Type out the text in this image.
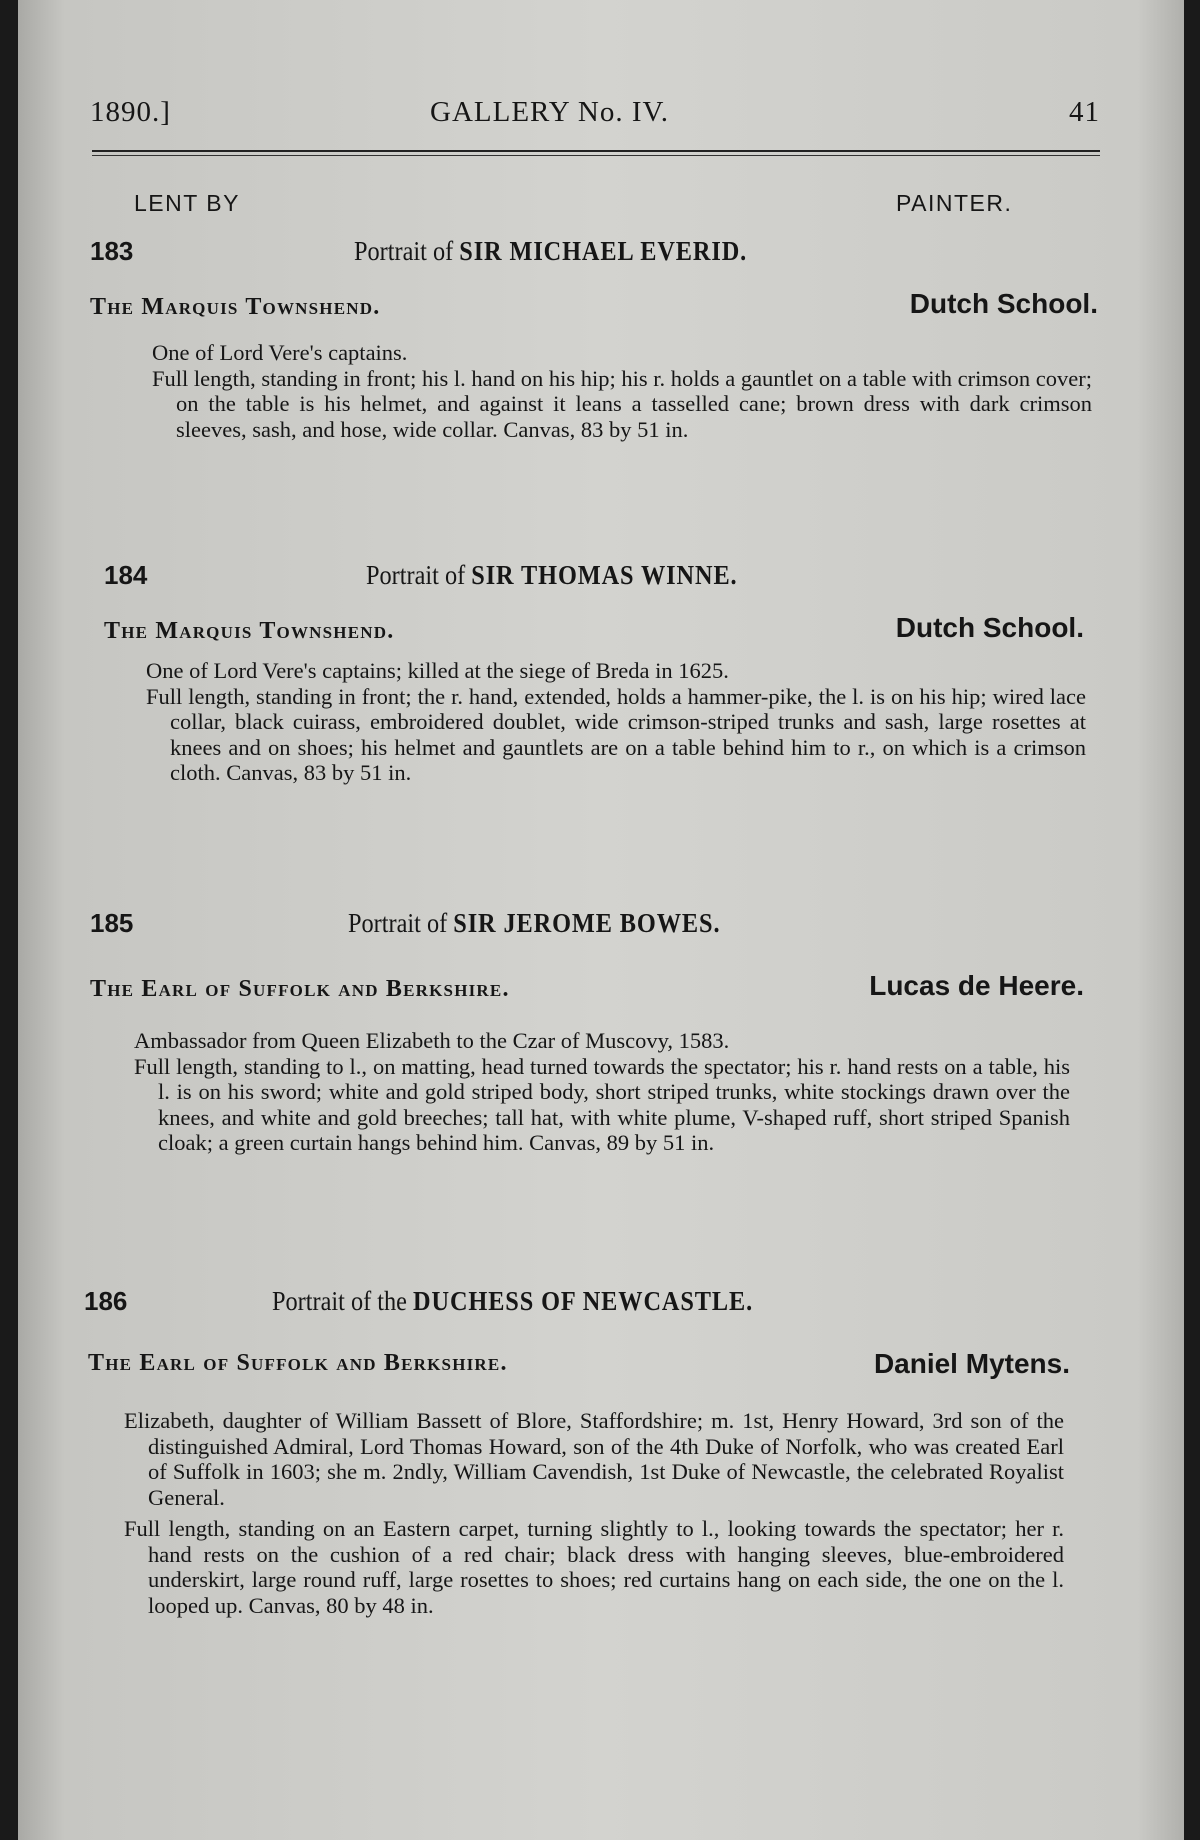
1890.]	GALLERY No. IV.	41
LENT BY	PAINTER.
183	Portrait of SIR MICHAEL EVERID.
The Marquis Townshend.	Dutch School.
One of Lord Vere's captains.
Full length, standing in front; his l. hand on his hip; his r. holds a gauntlet on a table with crimson cover; on the table is his helmet, and against it leans a tasselled cane; brown dress with dark crimson sleeves, sash, and hose, wide collar. Canvas, 83 by 51 in.
184	Portrait of SIR THOMAS WINNE.
The Marquis Townshend.	Dutch School.
One of Lord Vere's captains; killed at the siege of Breda in 1625.
Full length, standing in front; the r. hand, extended, holds a hammer-pike, the l. is on his hip; wired lace collar, black cuirass, embroidered doublet, wide crimson-striped trunks and sash, large rosettes at knees and on shoes; his helmet and gauntlets are on a table behind him to r., on which is a crimson cloth. Canvas, 83 by 51 in.
185	Portrait of SIR JEROME BOWES.
The Earl of Suffolk and Berkshire.	Lucas de Heere.
Ambassador from Queen Elizabeth to the Czar of Muscovy, 1583.
Full length, standing to l., on matting, head turned towards the spectator; his r. hand rests on a table, his l. is on his sword; white and gold striped body, short striped trunks, white stockings drawn over the knees, and white and gold breeches; tall hat, with white plume, V-shaped ruff, short striped Spanish cloak; a green curtain hangs behind him. Canvas, 89 by 51 in.
186	Portrait of the DUCHESS OF NEWCASTLE.
The Earl of Suffolk and Berkshire.	Daniel Mytens.
Elizabeth, daughter of William Bassett of Blore, Staffordshire; m. 1st, Henry Howard, 3rd son of the distinguished Admiral, Lord Thomas Howard, son of the 4th Duke of Norfolk, who was created Earl of Suffolk in 1603; she m. 2ndly, William Cavendish, 1st Duke of Newcastle, the celebrated Royalist General.
Full length, standing on an Eastern carpet, turning slightly to l., looking towards the spectator; her r. hand rests on the cushion of a red chair; black dress with hanging sleeves, blue-embroidered underskirt, large round ruff, large rosettes to shoes; red curtains hang on each side, the one on the l. looped up. Canvas, 80 by 48 in.
